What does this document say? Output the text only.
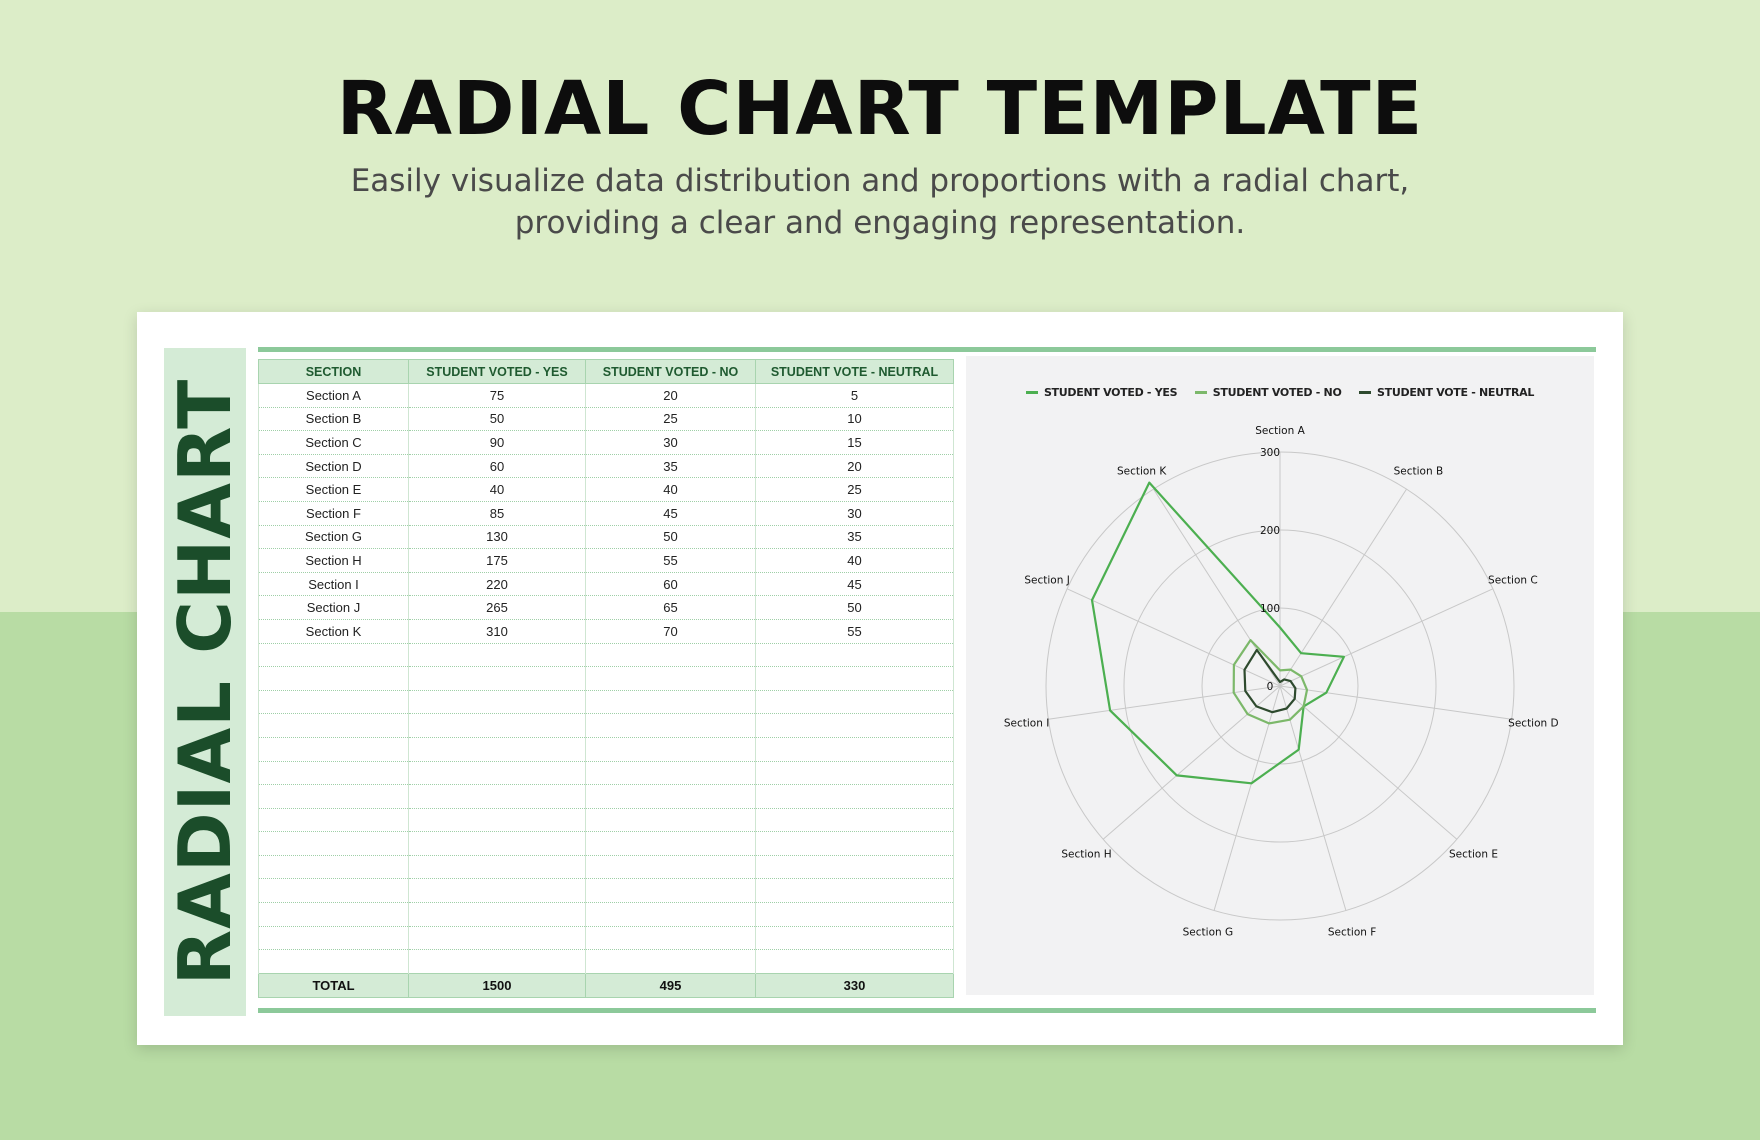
RADIAL CHART TEMPLATE
Easily visualize data distribution and proportions with a radial chart,
providing a clear and engaging representation.
RADIAL CHART
SECTION	STUDENT VOTED - YES	STUDENT VOTED - NO	STUDENT VOTE - NEUTRAL
Section A	75	20	5
Section B	50	25	10
Section C	90	30	15
Section D	60	35	20
Section E	40	40	25
Section F	85	45	30
Section G	130	50	35
Section H	175	55	40
Section I	220	60	45
Section J	265	65	50
Section K	310	70	55

TOTAL	1500	495	330
STUDENT VOTED - YES	STUDENT VOTED - NO	STUDENT VOTE - NEUTRAL
0
100
200
300
Section A
Section B
Section C
Section D
Section E
Section F
Section G
Section H
Section I
Section J
Section K
